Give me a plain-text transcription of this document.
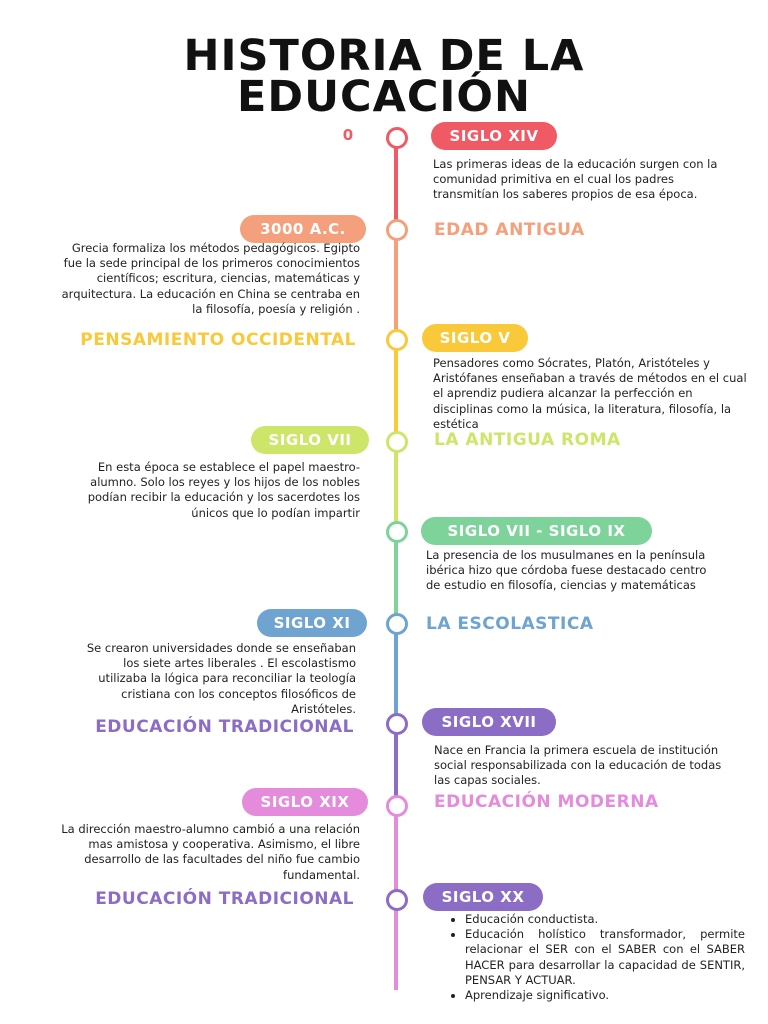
HISTORIA DE LA
EDUCACIÓN
0	SIGLO XIV
Las primeras ideas de la educación surgen con la comunidad primitiva en el cual los padres transmitían los saberes propios de esa época.
3000 A.C.	EDAD ANTIGUA
Grecia formaliza los métodos pedagógicos. Egipto fue la sede principal de los primeros conocimientos científicos; escritura, ciencias, matemáticas y arquitectura. La educación en China se centraba en la filosofía, poesía y religión .
SIGLO V
PENSAMIENTO OCCIDENTAL
Pensadores como Sócrates, Platón, Aristóteles y Aristófanes enseñaban a través de métodos en el cual el aprendiz pudiera alcanzar la perfección en disciplinas como la música, la literatura, filosofía, la estética
SIGLO VII	LA ANTIGUA ROMA
En esta época se establece el papel maestro-alumno. Solo los reyes y los hijos de los nobles podían recibir la educación y los sacerdotes los únicos que lo podían impartir
SIGLO VII - SIGLO IX
La presencia de los musulmanes en la península ibérica hizo que córdoba fuese destacado centro de estudio en filosofía, ciencias y matemáticas
SIGLO XI	LA ESCOLASTICA
Se crearon universidades donde se enseñaban los siete artes liberales . El escolastismo utilizaba la lógica para reconciliar la teología cristiana con los conceptos filosóficos de Aristóteles.
SIGLO XVII
EDUCACIÓN TRADICIONAL
Nace en Francia la primera escuela de institución social responsabilizada con la educación de todas las capas sociales.
SIGLO XIX	EDUCACIÓN MODERNA
La dirección maestro-alumno cambió a una relación mas amistosa y cooperativa. Asimismo, el libre desarrollo de las facultades del niño fue cambio fundamental.
SIGLO XX
EDUCACIÓN TRADICIONAL
• Educación conductista.
• Educación holístico transformador, permite relacionar el SER con el SABER con el SABER HACER para desarrollar la capacidad de SENTIR, PENSAR Y ACTUAR.
• Aprendizaje significativo.
